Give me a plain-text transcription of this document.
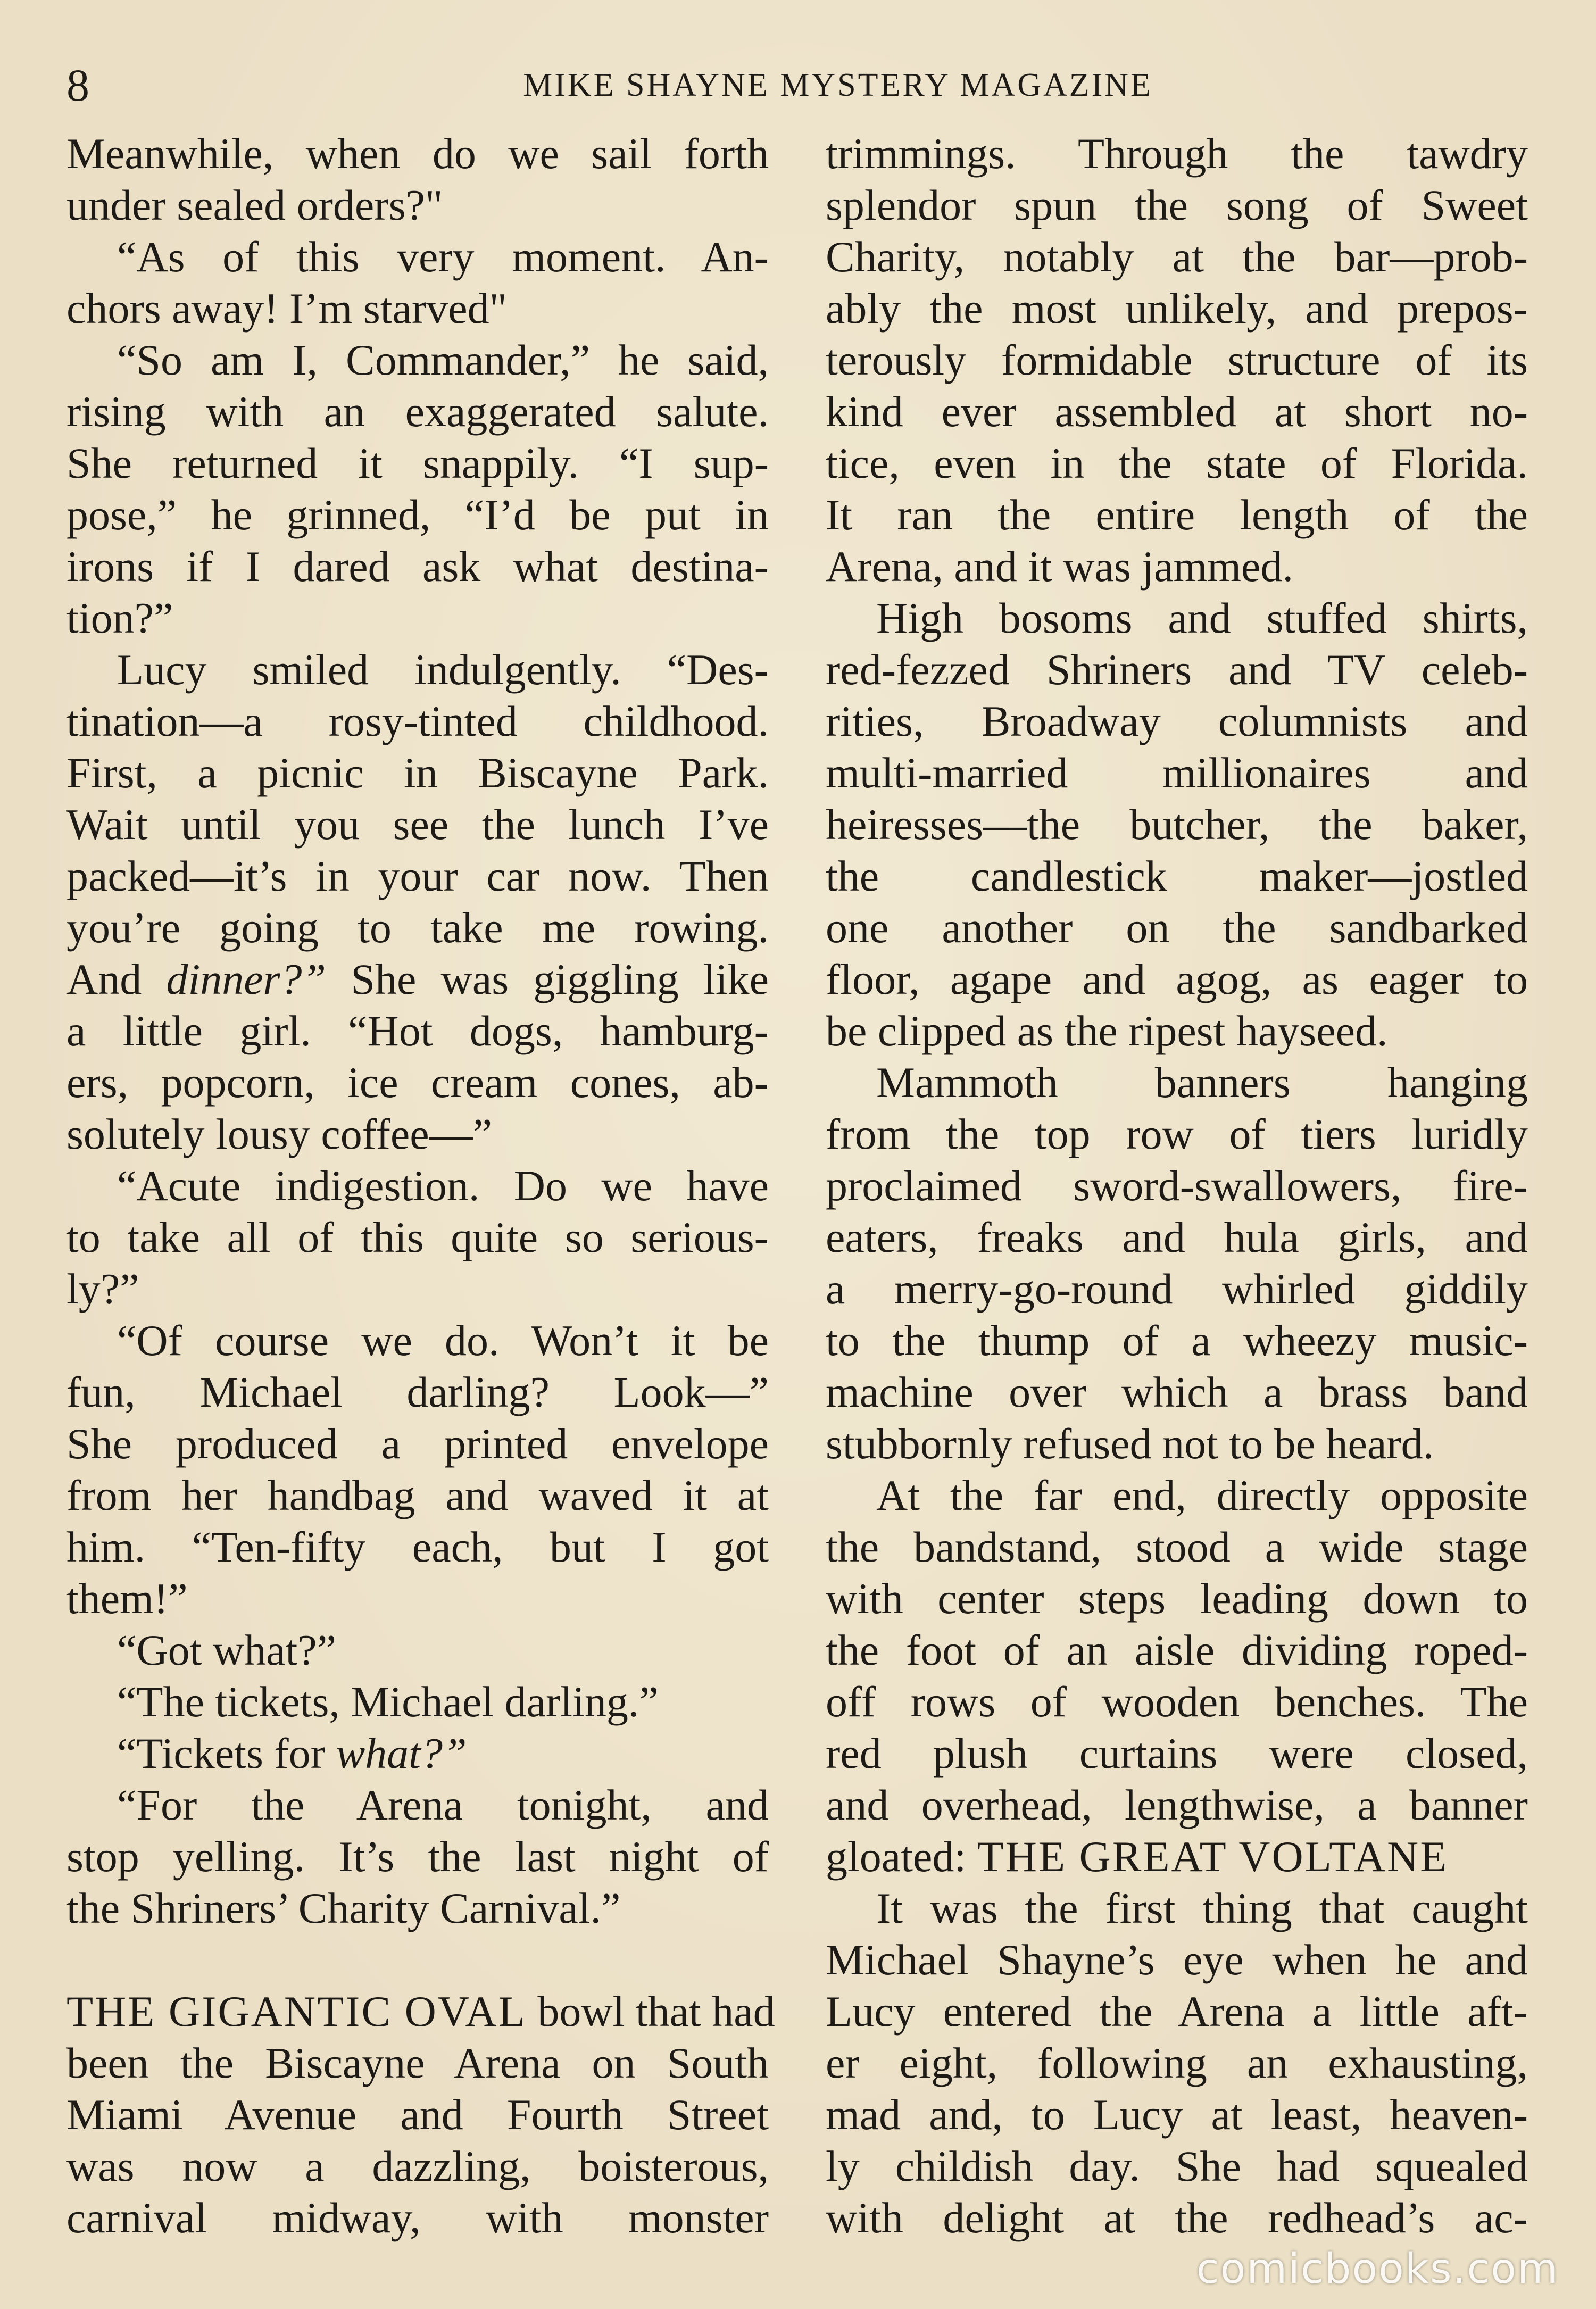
8	MIKE SHAYNE MYSTERY MAGAZINE
Meanwhile, when do we sail forth
under sealed orders?"
“As of this very moment. An-
chors away! I’m starved"
“So am I, Commander,” he said,
rising with an exaggerated salute.
She returned it snappily. “I sup-
pose,” he grinned, “I’d be put in
irons if I dared ask what destina-
tion?”
Lucy smiled indulgently. “Des-
tination—a rosy-tinted childhood.
First, a picnic in Biscayne Park.
Wait until you see the lunch I’ve
packed—it’s in your car now. Then
you’re going to take me rowing.
And dinner?” She was giggling like
a little girl. “Hot dogs, hamburg-
ers, popcorn, ice cream cones, ab-
solutely lousy coffee—”
“Acute indigestion. Do we have
to take all of this quite so serious-
ly?”
“Of course we do. Won’t it be
fun, Michael darling? Look—”
She produced a printed envelope
from her handbag and waved it at
him. “Ten-fifty each, but I got
them!”
“Got what?”
“The tickets, Michael darling.”
“Tickets for what?”
“For the Arena tonight, and
stop yelling. It’s the last night of
the Shriners’ Charity Carnival.”
THE GIGANTIC OVAL bowl that had
been the Biscayne Arena on South
Miami Avenue and Fourth Street
was now a dazzling, boisterous,
carnival midway, with monster
trimmings. Through the tawdry
splendor spun the song of Sweet
Charity, notably at the bar—prob-
ably the most unlikely, and prepos-
terously formidable structure of its
kind ever assembled at short no-
tice, even in the state of Florida.
It ran the entire length of the
Arena, and it was jammed.
High bosoms and stuffed shirts,
red-fezzed Shriners and TV celeb-
rities, Broadway columnists and
multi-married millionaires and
heiresses—the butcher, the baker,
the candlestick maker—jostled
one another on the sandbarked
floor, agape and agog, as eager to
be clipped as the ripest hayseed.
Mammoth banners hanging
from the top row of tiers luridly
proclaimed sword-swallowers, fire-
eaters, freaks and hula girls, and
a merry-go-round whirled giddily
to the thump of a wheezy music-
machine over which a brass band
stubbornly refused not to be heard.
At the far end, directly opposite
the bandstand, stood a wide stage
with center steps leading down to
the foot of an aisle dividing roped-
off rows of wooden benches. The
red plush curtains were closed,
and overhead, lengthwise, a banner
gloated: THE GREAT VOLTANE
It was the first thing that caught
Michael Shayne’s eye when he and
Lucy entered the Arena a little aft-
er eight, following an exhausting,
mad and, to Lucy at least, heaven-
ly childish day. She had squealed
with delight at the redhead’s ac-
comicbooks.com
